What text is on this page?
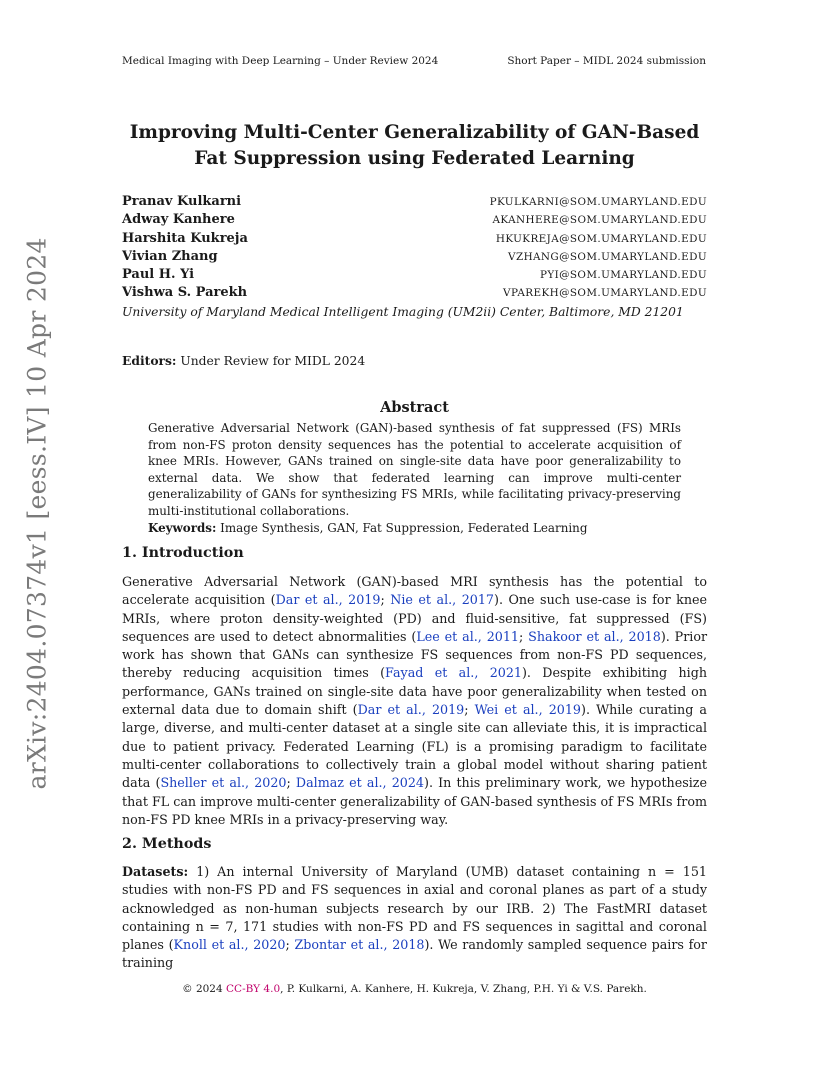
Medical Imaging with Deep Learning – Under Review 2024	Short Paper – MIDL 2024 submission
arXiv:2404.07374v1 [eess.IV] 10 Apr 2024
Improving Multi-Center Generalizability of GAN-Based Fat Suppression using Federated Learning
Pranav Kulkarni	PKULKARNI@SOM.UMARYLAND.EDU
Adway Kanhere	AKANHERE@SOM.UMARYLAND.EDU
Harshita Kukreja	HKUKREJA@SOM.UMARYLAND.EDU
Vivian Zhang	VZHANG@SOM.UMARYLAND.EDU
Paul H. Yi	PYI@SOM.UMARYLAND.EDU
Vishwa S. Parekh	VPAREKH@SOM.UMARYLAND.EDU
University of Maryland Medical Intelligent Imaging (UM2ii) Center, Baltimore, MD 21201
Editors: Under Review for MIDL 2024
Abstract

Generative Adversarial Network (GAN)-based synthesis of fat suppressed (FS) MRIs from non-FS proton density sequences has the potential to accelerate acquisition of knee MRIs. However, GANs trained on single-site data have poor generalizability to external data. We show that federated learning can improve multi-center generalizability of GANs for synthesizing FS MRIs, while facilitating privacy-preserving multi-institutional collaborations.

Keywords: Image Synthesis, GAN, Fat Suppression, Federated Learning

1. Introduction
Generative Adversarial Network (GAN)-based MRI synthesis has the potential to accelerate acquisition (Dar et al., 2019; Nie et al., 2017). One such use-case is for knee MRIs, where proton density-weighted (PD) and fluid-sensitive, fat suppressed (FS) sequences are used to detect abnormalities (Lee et al., 2011; Shakoor et al., 2018). Prior work has shown that GANs can synthesize FS sequences from non-FS PD sequences, thereby reducing acquisition times (Fayad et al., 2021). Despite exhibiting high performance, GANs trained on single-site data have poor generalizability when tested on external data due to domain shift (Dar et al., 2019; Wei et al., 2019). While curating a large, diverse, and multi-center dataset at a single site can alleviate this, it is impractical due to patient privacy. Federated Learning (FL) is a promising paradigm to facilitate multi-center collaborations to collectively train a global model without sharing patient data (Sheller et al., 2020; Dalmaz et al., 2024). In this preliminary work, we hypothesize that FL can improve multi-center generalizability of GAN-based synthesis of FS MRIs from non-FS PD knee MRIs in a privacy-preserving way.
2. Methods
Datasets: 1) An internal University of Maryland (UMB) dataset containing n = 151 studies with non-FS PD and FS sequences in axial and coronal planes as part of a study acknowledged as non-human subjects research by our IRB. 2) The FastMRI dataset containing n = 7, 171 studies with non-FS PD and FS sequences in sagittal and coronal planes (Knoll et al., 2020; Zbontar et al., 2018). We randomly sampled sequence pairs for training
© 2024 CC-BY 4.0, P. Kulkarni, A. Kanhere, H. Kukreja, V. Zhang, P.H. Yi & V.S. Parekh.
